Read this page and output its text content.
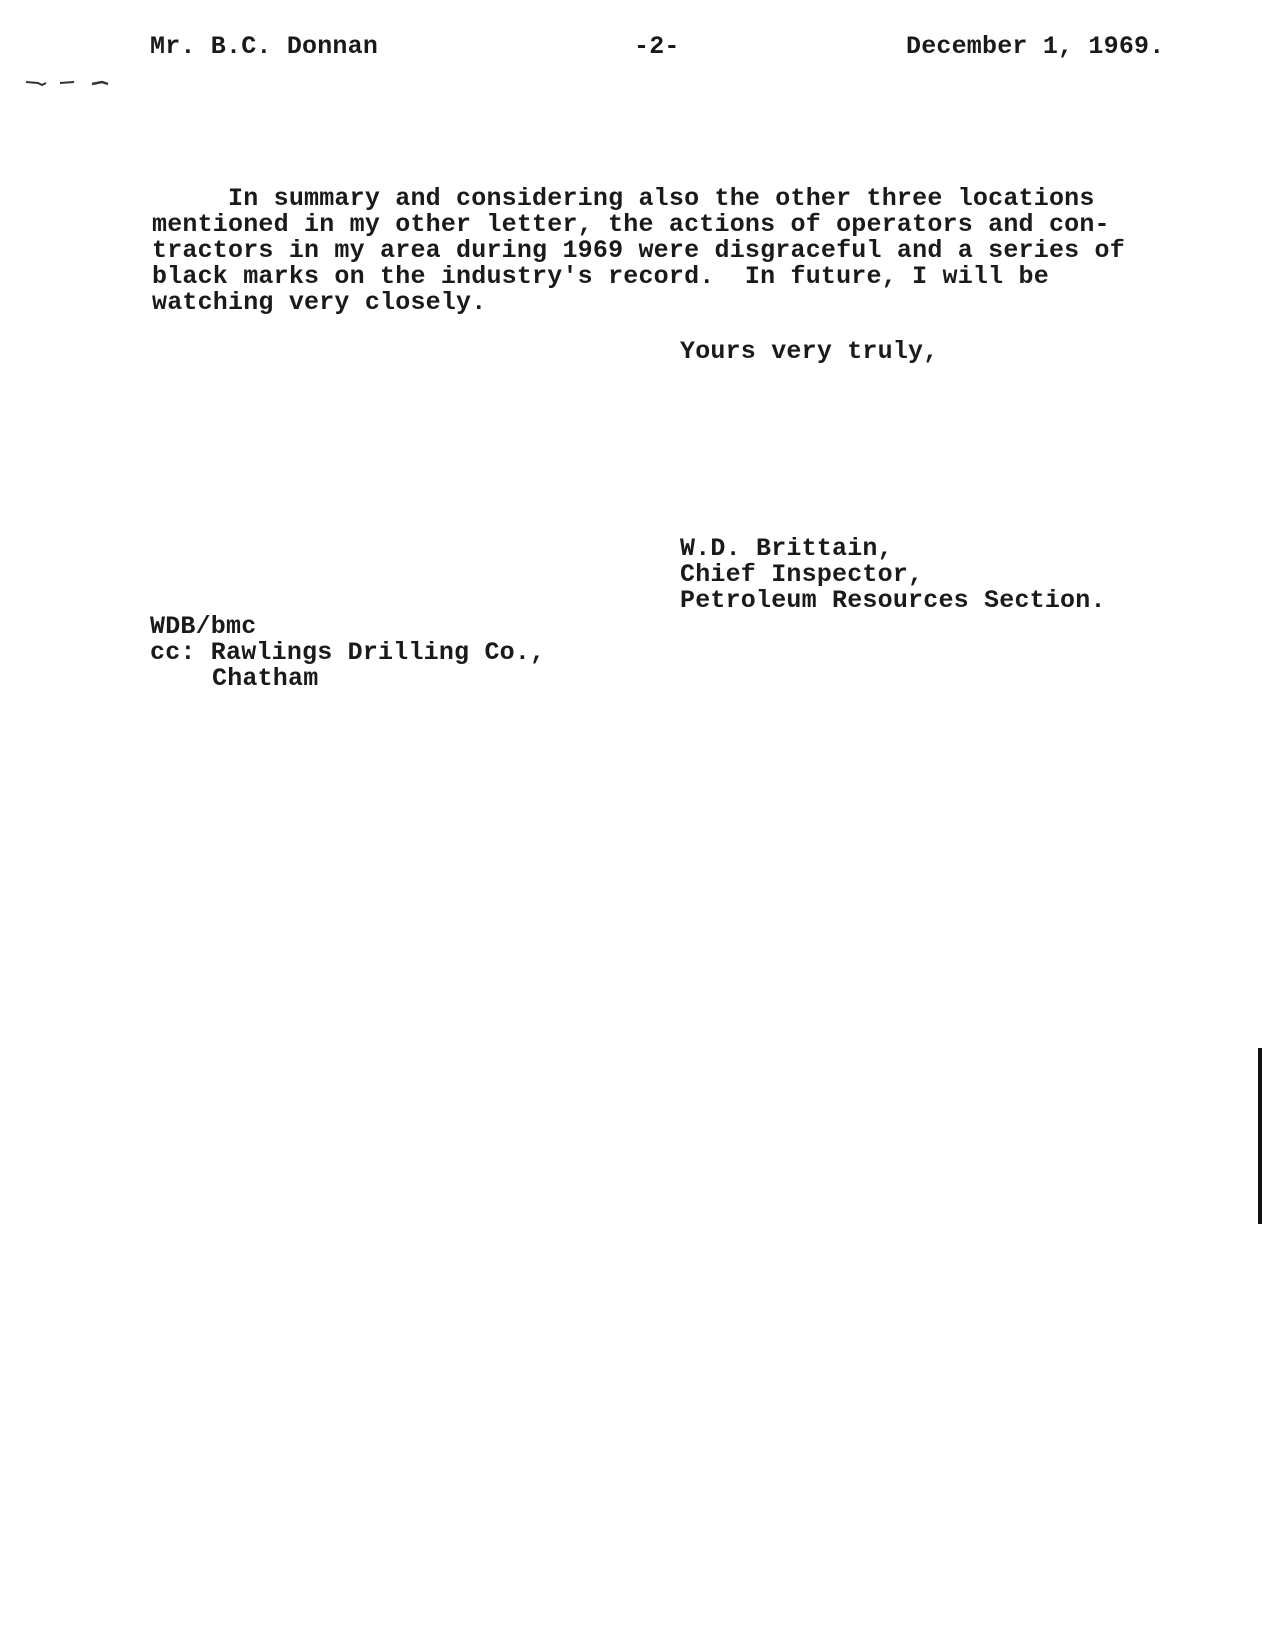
Mr. B.C. Donnan	-2-	December 1, 1969.
In summary and considering also the other three locations
mentioned in my other letter, the actions of operators and con-
tractors in my area during 1969 were disgraceful and a series of
black marks on the industry's record.  In future, I will be
watching very closely.
Yours very truly,
W.D. Brittain,
Chief Inspector,
Petroleum Resources Section.
WDB/bmc
cc: Rawlings Drilling Co.,
Chatham
